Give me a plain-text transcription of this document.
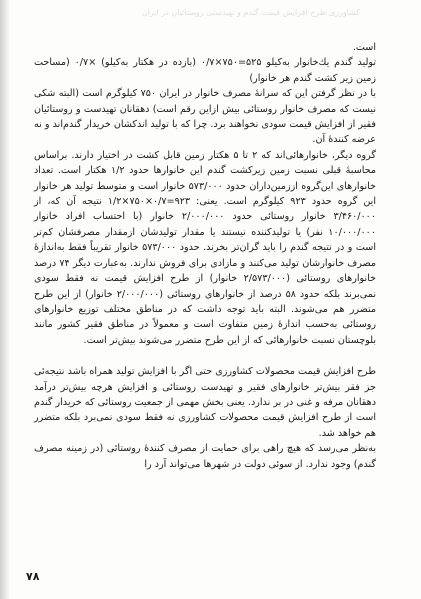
کشاورزی طرح افزایش قیمت گندم و تهیدستی روستائیان در ایران

است.

تولید گندم یك‌خانوار به‌کیلو ۵۲۵=۷۵۰×۰/۷ (بازده در هکتار به‌کیلو) ×۰/۷ (مساحت زمین زیر کشت گندم هر خانوار)

با در نظر گرفتن این که سرانهٔ مصرف خانوار در ایران ۷۵۰ کیلوگرم است (البته شکی نیست که مصرف خانوار روستائی بیش ازاین رقم است) دهقانان تهیدست و روستائیان فقیر از افزایش قیمت سودی نخواهند برد. چرا که با تولید اندکشان خریدار گندم‌اند و نه عرضه کنندهٔ آن.

گروه دیگر، خانوارهائی‌اند که ۲ تا ۵ هکتار زمین قابل کشت در اختیار دارند. براساس محاسبهٔ قبلی نسبت زمین زیرکشت گندم این خانوارها حدود ۱/۲ هکتار است. تعداد خانوارهای این‌گروه اززمین‌داران حدود ۵۷۳/۰۰۰ خانوار است و متوسط تولید هر خانوار این گروه حدود ۹۲۳ کیلوگرم است. یعنی: ۹۲۳=۰/۷×۷۵۰×۱/۲ نتیجه آن که، از ۳/۴۶۰/۰۰۰ خانوار روستائی حدود ۲/۰۰۰/۰۰۰ خانوار (با احتساب افراد خانوار ۱۰/۰۰۰/۰۰۰ نفر) یا تولیدکننده نیستند یا مقدار تولیدشان ازمقدار مصرفشان کم‌تر است و در نتیجه گندم را باید گران‌تر بخرند. حدود ۵۷۳/۰۰۰ خانوار تقریباً فقط به‌اندازهٔ مصرف خانوارشان تولید می‌کنند و مازادی برای فروش ندارند. به‌عبارت دیگر ۷۴ درصد خانوارهای روستائی (۲/۵۷۳/۰۰۰ خانوار) از طرح افزایش قیمت نه فقط سودی نمی‌برند بلکه حدود ۵۸ درصد از خانوارهای روستائی (۲/۰۰۰/۰۰۰ خانوار) از این طرح متضرر هم می‌شوند. البته باید توجه داشت که در مناطق مختلف توزیع خانوارهای روستائی به‌حسب اندازهٔ زمین متفاوت است و معمولاً در مناطق فقیر کشور مانند بلوچستان نسبت خانوارهائی که از این طرح متضرر می‌شوند بیش‌تر است.

طرح افزایش قیمت محصولات کشاورزی حتی اگر با افزایش تولید همراه باشد نتیجه‌ئی جز فقر بیش‌تر خانوارهای فقیر و تهیدست روستائی و افزایش هرچه بیش‌تر درآمد دهقانان مرفه و غنی در بر ندارد. یعنی بخش مهمی از جمعیت روستائی که خریدار گندم است از طرح افزایش قیمت محصولات کشاورزی نه فقط سودی نمی‌برد بلکه متضرر هم خواهد شد.

به‌نظر می‌رسد که هیچ راهی برای حمایت از مصرف کنندهٔ روستائی (در زمینه مصرف گندم) وجود ندارد. از سوئی دولت در شهرها می‌تواند آرد را

۷۸
